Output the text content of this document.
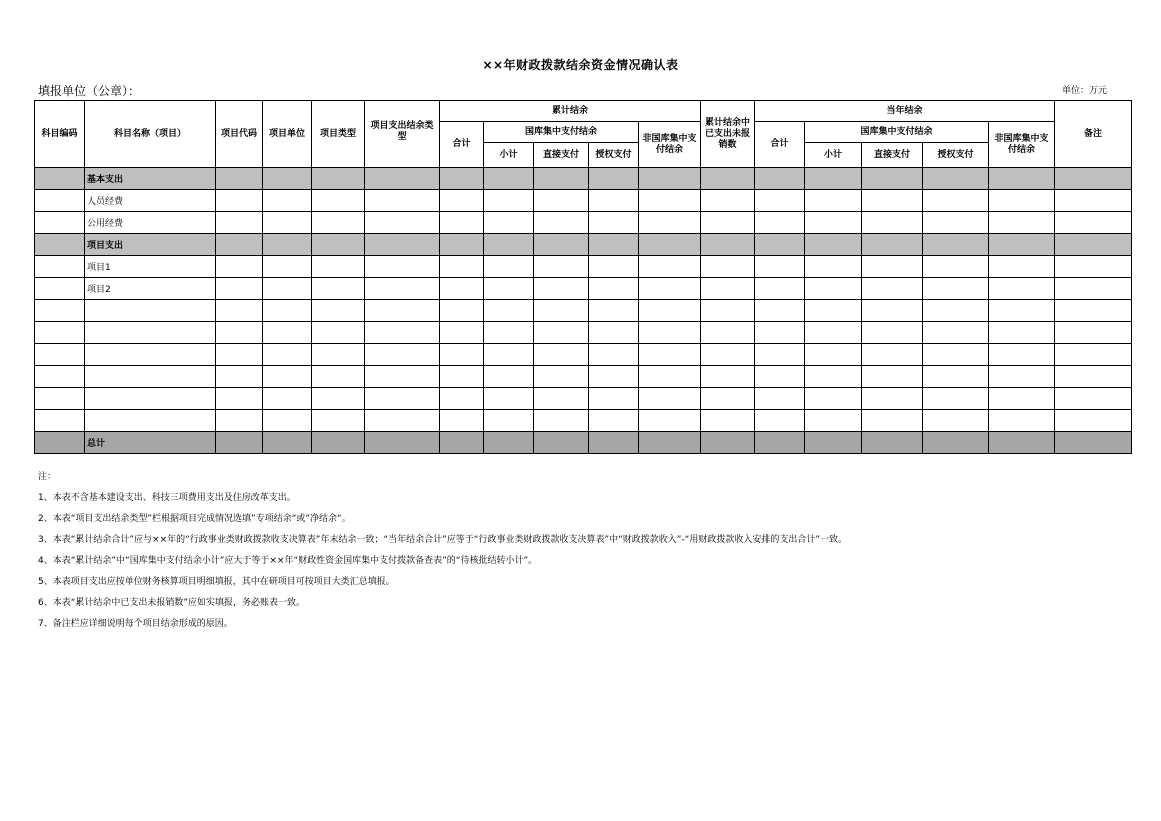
××年财政拨款结余资金情况确认表
填报单位（公章）：	单位：万元
科目编码	科目名称（项目）	项目代码	项目单位	项目类型	项目支出结余类型	累计结余					累计结余中已支出未报销数	当年结余					备注
						合计	国库集中支付结余			非国库集中支付结余		合计	国库集中支付结余			非国库集中支付结余	
							小计	直接支付	授权支付				小计	直接支付	授权支付		
	基本支出																
	人员经费																
	公用经费																
	项目支出																
	项目1																
	项目2																

	总计																
注：
1、本表不含基本建设支出、科技三项费用支出及住房改革支出。
2、本表“项目支出结余类型”栏根据项目完成情况选填”专项结余“或”净结余“。
3、本表“累计结余合计”应与××年的“行政事业类财政拨款收支决算表”年末结余一致；“当年结余合计”应等于“行政事业类财政拨款收支决算表”中“财政拨款收入”-“用财政拨款收入安排的支出合计”一致。
4、本表“累计结余”中“国库集中支付结余小计”应大于等于××年“财政性资金国库集中支付拨款备查表”的“待核批结转小计”。
5、本表项目支出应按单位财务核算项目明细填报，其中在研项目可按项目大类汇总填报。
6、本表“累计结余中已支出未报销数”应如实填报，务必账表一致。
7、备注栏应详细说明每个项目结余形成的原因。
